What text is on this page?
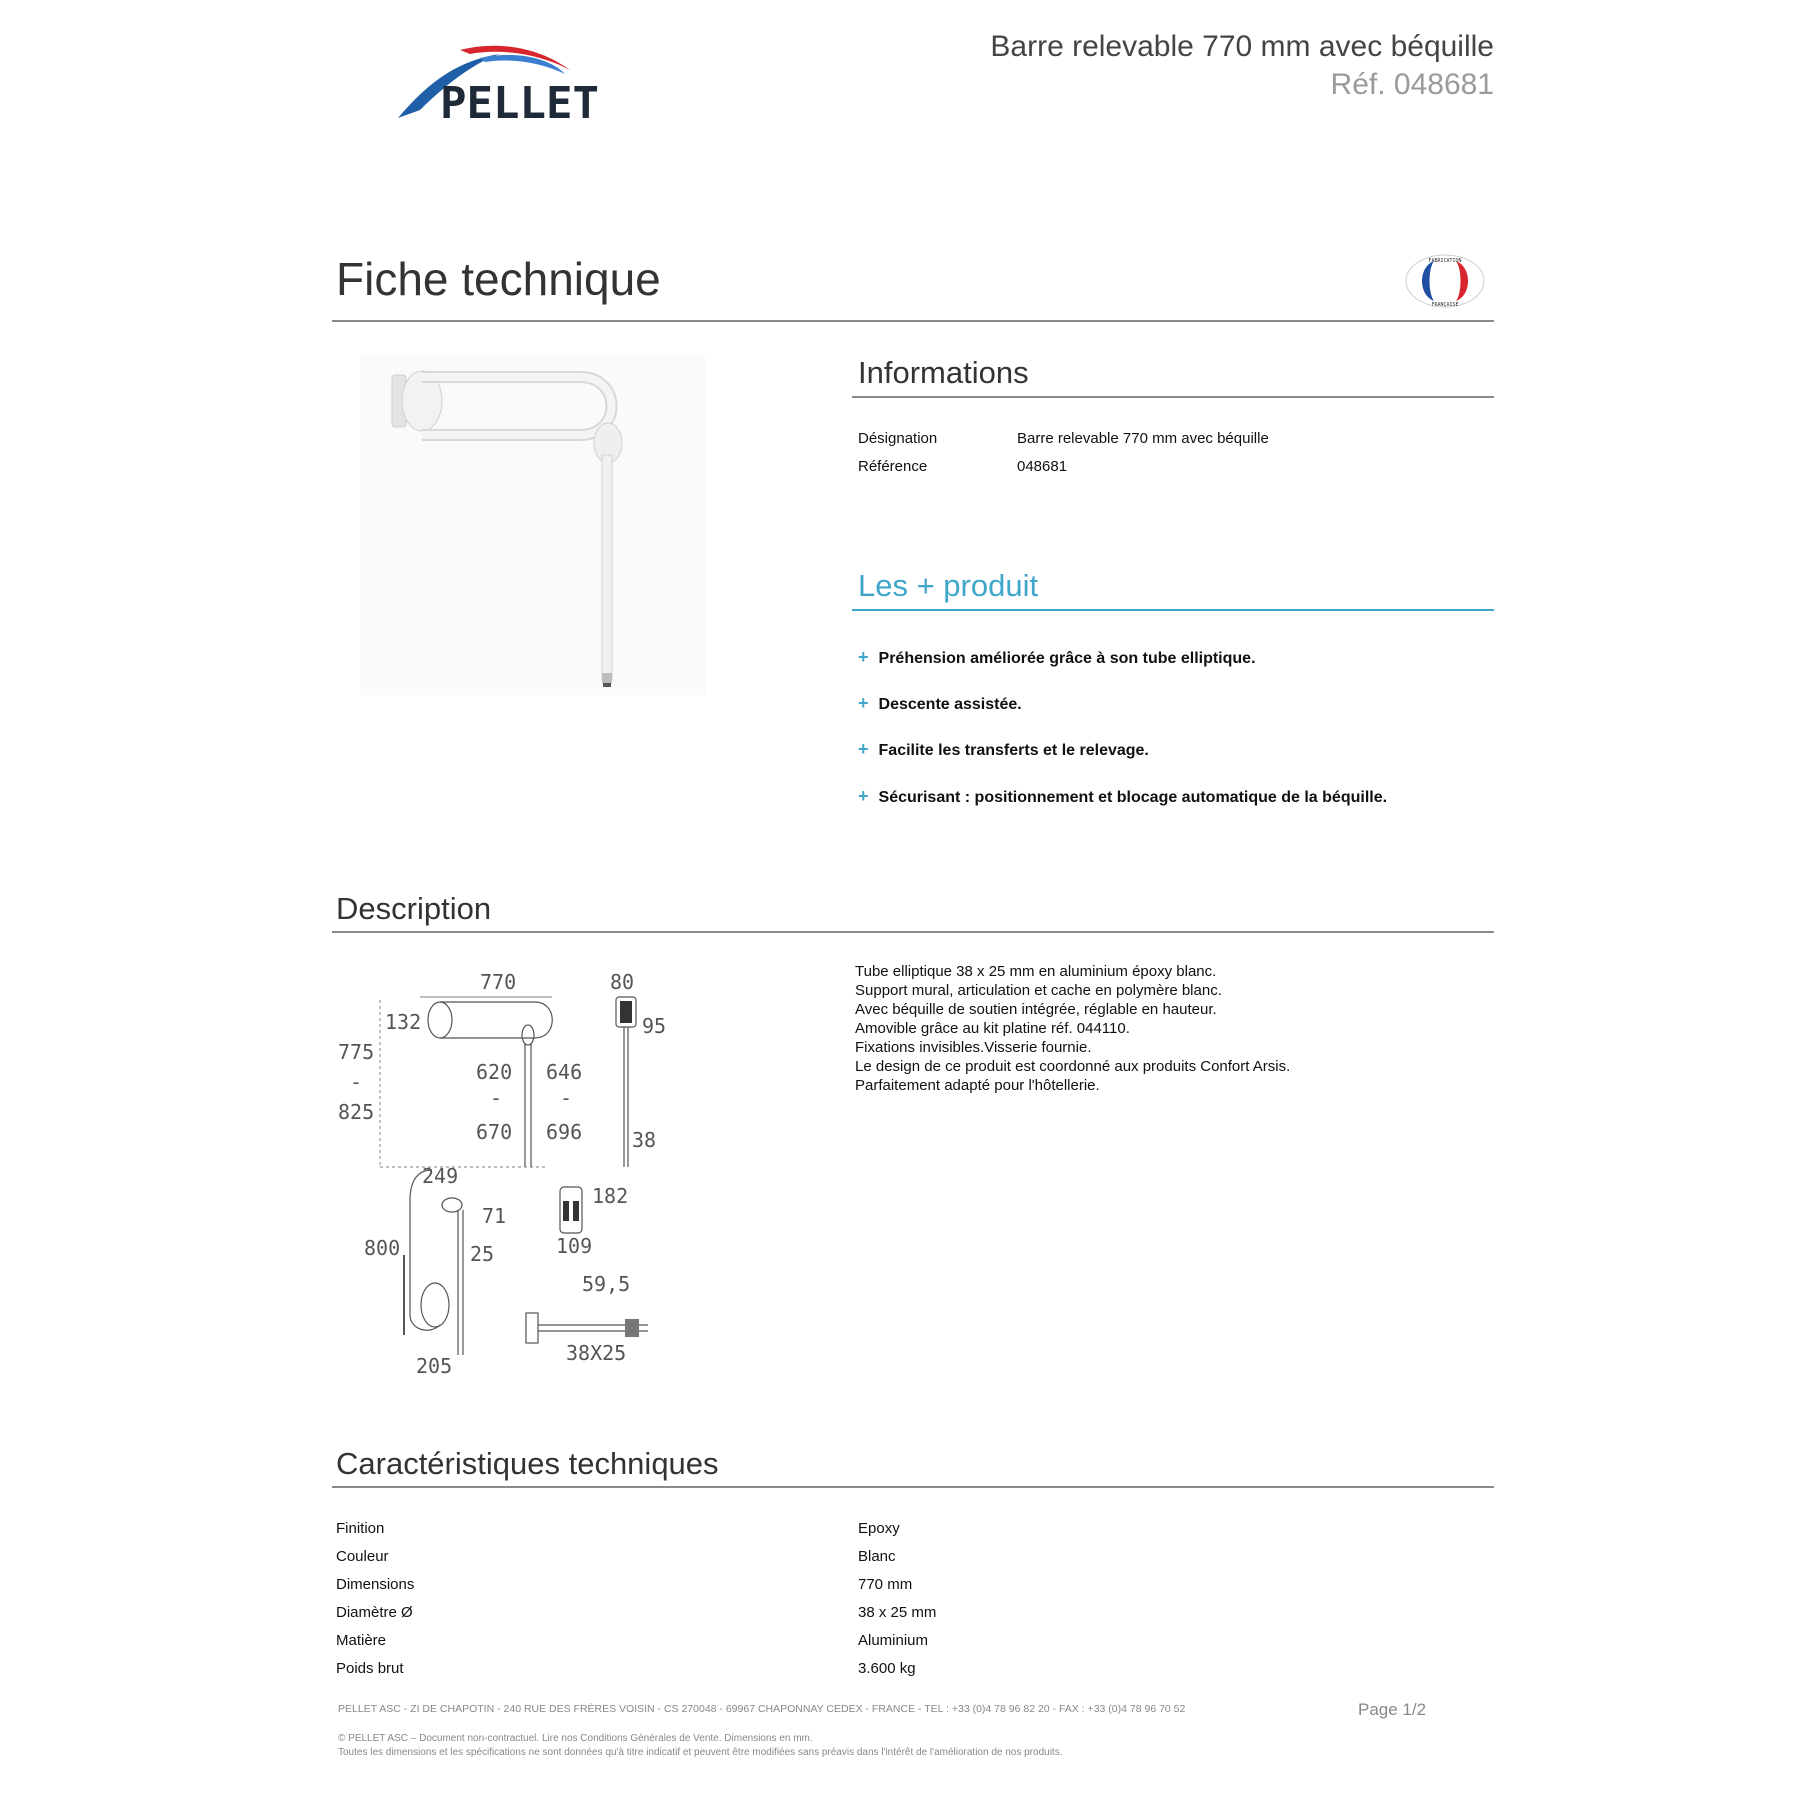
PELLET
Barre relevable 770 mm avec béquille
Réf. 048681
Fiche technique	FABRICATION
FRANÇAISE
Informations
Désignation	Barre relevable 770 mm avec béquille
Référence	048681
Les + produit
+ Préhension améliorée grâce à son tube elliptique.
+ Descente assistée.
+ Facilite les transferts et le relevage.
+ Sécurisant : positionnement et blocage automatique de la béquille.
Description
770	80
132	95
775
-
825
620
-
670
646
-
696 38
249
71
800	25
205
182
109
59,5
38X25
Tube elliptique 38 x 25 mm en aluminium époxy blanc.
Support mural, articulation et cache en polymère blanc.
Avec béquille de soutien intégrée, réglable en hauteur.
Amovible grâce au kit platine réf. 044110.
Fixations invisibles.Visserie fournie.
Le design de ce produit est coordonné aux produits Confort Arsis.
Parfaitement adapté pour l'hôtellerie.
Caractéristiques techniques
Finition	Epoxy
Couleur	Blanc
Dimensions	770 mm
Diamètre Ø	38 x 25 mm
Matière	Aluminium
Poids brut	3.600 kg
PELLET ASC - ZI DE CHAPOTIN - 240 RUE DES FRÈRES VOISIN - CS 270048 - 69967 CHAPONNAY CEDEX - FRANCE - TEL : +33 (0)4 78 96 82 20 - FAX : +33 (0)4 78 96 70 52	Page 1/2
© PELLET ASC – Document non-contractuel. Lire nos Conditions Générales de Vente. Dimensions en mm.
Toutes les dimensions et les spécifications ne sont données qu'à titre indicatif et peuvent être modifiées sans préavis dans l'intérêt de l'amélioration de nos produits.
